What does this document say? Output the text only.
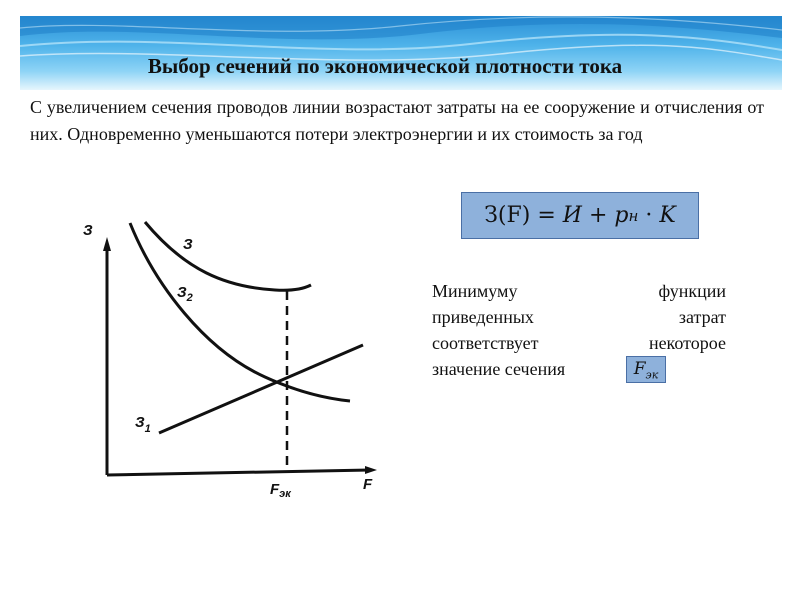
Выбор сечений по экономической плотности тока
С увеличением сечения проводов линии возрастают затраты на ее сооружение и отчисления от них. Одновременно уменьшаются потери электроэнергии и их стоимость за год
З(F)
=
И
+
p н
·
K
Минимуму	функции
приведенных	затрат
соответствует	некоторое
значение сечения	$F_{эк}$
З
F
З
$З_2$
$З_1$
$F_{эк}$
